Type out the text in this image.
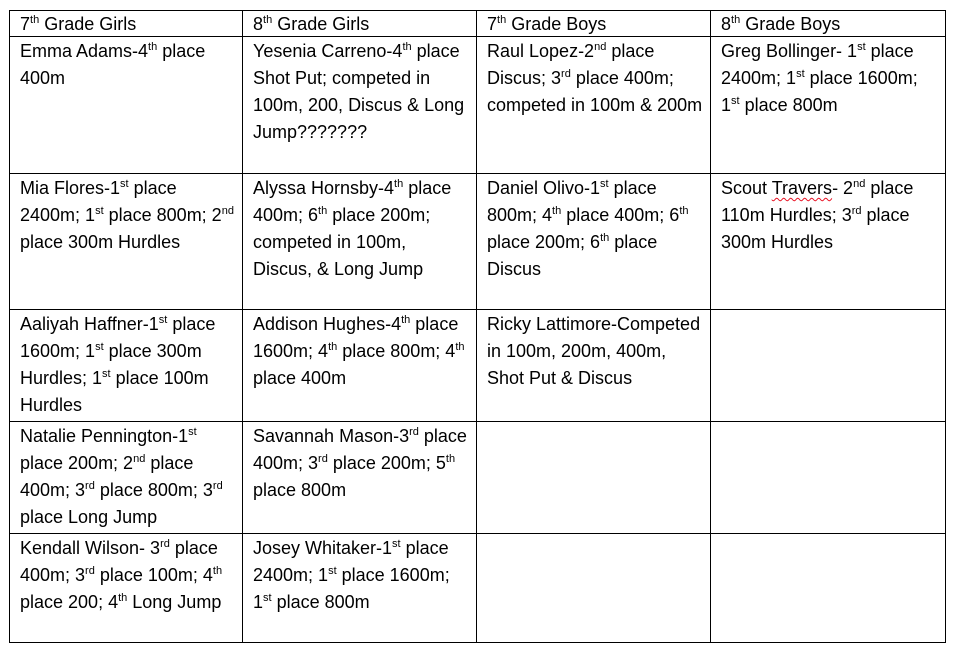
7th Grade Girls	8th Grade Girls	7th Grade Boys	8th Grade Boys
Emma Adams-4th place 400m	Yesenia Carreno-4th place Shot Put; competed in 100m, 200, Discus & Long Jump???????	Raul Lopez-2nd place Discus; 3rd place 400m; competed in 100m & 200m	Greg Bollinger- 1st place 2400m; 1st place 1600m; 1st place 800m
Mia Flores-1st place 2400m; 1st place 800m; 2nd place 300m Hurdles	Alyssa Hornsby-4th place 400m; 6th place 200m; competed in 100m, Discus, & Long Jump	Daniel Olivo-1st place 800m; 4th place 400m; 6th place 200m; 6th place Discus	Scout Travers- 2nd place 110m Hurdles; 3rd place 300m Hurdles
Aaliyah Haffner-1st place 1600m; 1st place 300m Hurdles; 1st place 100m Hurdles	Addison Hughes-4th place 1600m; 4th place 800m; 4th place 400m	Ricky Lattimore-Competed in 100m, 200m, 400m, Shot Put & Discus	
Natalie Pennington-1st place 200m; 2nd place 400m; 3rd place 800m; 3rd place Long Jump	Savannah Mason-3rd place 400m; 3rd place 200m; 5th place 800m		
Kendall Wilson- 3rd place 400m; 3rd place 100m; 4th place 200; 4th Long Jump	Josey Whitaker-1st place 2400m; 1st place 1600m; 1st place 800m		
